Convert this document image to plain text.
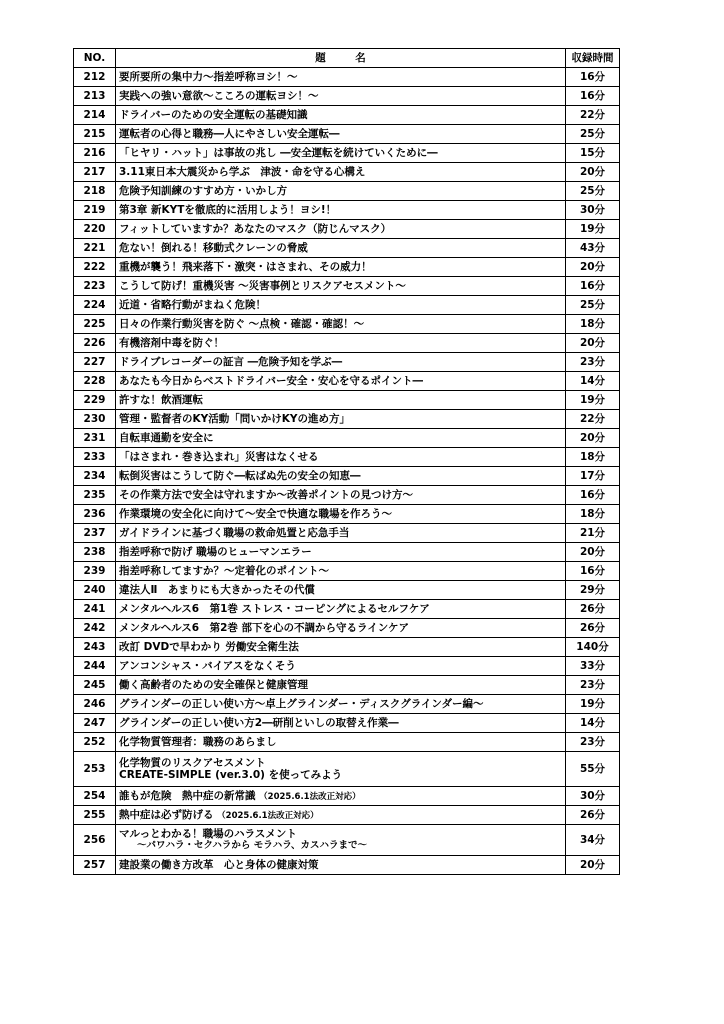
NO.	題 名	収録時間
212	要所要所の集中力～指差呼称ヨシ！～	16分
213	実践への強い意欲～こころの運転ヨシ！～	16分
214	ドライバーのための安全運転の基礎知識	22分
215	運転者の心得と職務―人にやさしい安全運転―	25分
216	「ヒヤリ・ハット」は事故の兆し ―安全運転を続けていくために―	15分
217	3.11東日本大震災から学ぶ　津波・命を守る心構え	20分
218	危険予知訓練のすすめ方・いかし方	25分
219	第3章 新KYTを徹底的に活用しよう！ヨシ!！	30分
220	フィットしていますか？あなたのマスク（防じんマスク）	19分
221	危ない！倒れる！移動式クレーンの脅威	43分
222	重機が襲う！飛来落下・激突・はさまれ、その威力！	20分
223	こうして防げ！重機災害 ～災害事例とリスクアセスメント～	16分
224	近道・省略行動がまねく危険！	25分
225	日々の作業行動災害を防ぐ ～点検・確認・確認！～	18分
226	有機溶剤中毒を防ぐ！	20分
227	ドライブレコーダーの証言 ―危険予知を学ぶ―	23分
228	あなたも今日からベストドライバー安全・安心を守るポイント―	14分
229	許すな！飲酒運転	19分
230	管理・監督者のKY活動「問いかけKYの進め方」	22分
231	自転車通勤を安全に	20分
233	「はさまれ・巻き込まれ」災害はなくせる	18分
234	転倒災害はこうして防ぐ―転ばぬ先の安全の知恵―	17分
235	その作業方法で安全は守れますか～改善ポイントの見つけ方～	16分
236	作業環境の安全化に向けて～安全で快適な職場を作ろう～	18分
237	ガイドラインに基づく職場の救命処置と応急手当	21分
238	指差呼称で防げ 職場のヒューマンエラー	20分
239	指差呼称してますか？～定着化のポイント～	16分
240	違法人Ⅱ　あまりにも大きかったその代償	29分
241	メンタルヘルス6　第1巻 ストレス・コーピングによるセルフケア	26分
242	メンタルヘルス6　第2巻 部下を心の不調から守るラインケア	26分
243	改訂 DVDで早わかり 労働安全衛生法	140分
244	アンコンシャス・バイアスをなくそう	33分
245	働く高齢者のための安全確保と健康管理	23分
246	グラインダーの正しい使い方～卓上グラインダー・ディスクグラインダー編～	19分
247	グラインダーの正しい使い方2―研削といしの取替え作業―	14分
252	化学物質管理者：職務のあらまし	23分
253	化学物質のリスクアセスメント
CREATE-SIMPLE (ver.3.0) を使ってみよう	55分
254	誰もが危険　熱中症の新常識 （2025.6.1法改正対応）	30分
255	熱中症は必ず防げる （2025.6.1法改正対応）	26分
256	マルっとわかる！職場のハラスメント
～パワハラ・セクハラから モラハラ、カスハラまで～	34分
257	建設業の働き方改革　心と身体の健康対策	20分
